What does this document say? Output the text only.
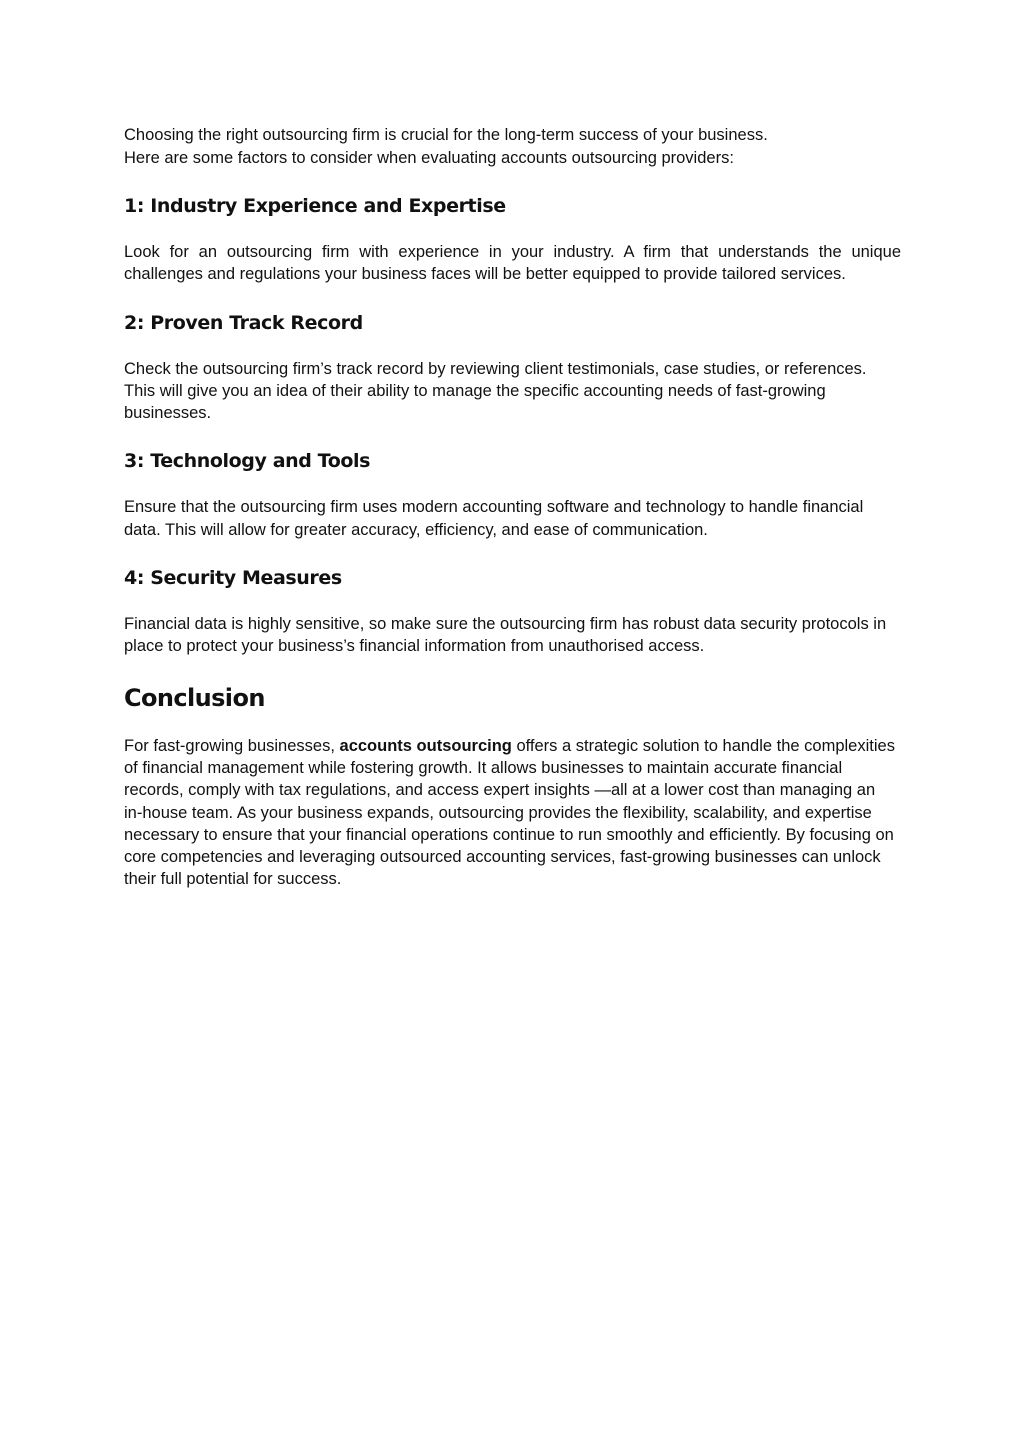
Choosing the right outsourcing firm is crucial for the long-term success of your business.
Here are some factors to consider when evaluating accounts outsourcing providers:

1: Industry Experience and Expertise

Look for an outsourcing firm with experience in your industry. A firm that understands the unique challenges and regulations your business faces will be better equipped to provide tailored services.

2: Proven Track Record

Check the outsourcing firm’s track record by reviewing client testimonials, case studies, or references. This will give you an idea of their ability to manage the specific accounting needs of fast-growing businesses.

3: Technology and Tools

Ensure that the outsourcing firm uses modern accounting software and technology to handle financial data. This will allow for greater accuracy, efficiency, and ease of communication.

4: Security Measures

Financial data is highly sensitive, so make sure the outsourcing firm has robust data security protocols in place to protect your business’s financial information from unauthorised access.

Conclusion

For fast-growing businesses, accounts outsourcing offers a strategic solution to handle the complexities of financial management while fostering growth. It allows businesses to maintain accurate financial records, comply with tax regulations, and access expert insights —all at a lower cost than managing an in-house team. As your business expands, outsourcing provides the flexibility, scalability, and expertise necessary to ensure that your financial operations continue to run smoothly and efficiently. By focusing on core competencies and leveraging outsourced accounting services, fast-growing businesses can unlock their full potential for success.
